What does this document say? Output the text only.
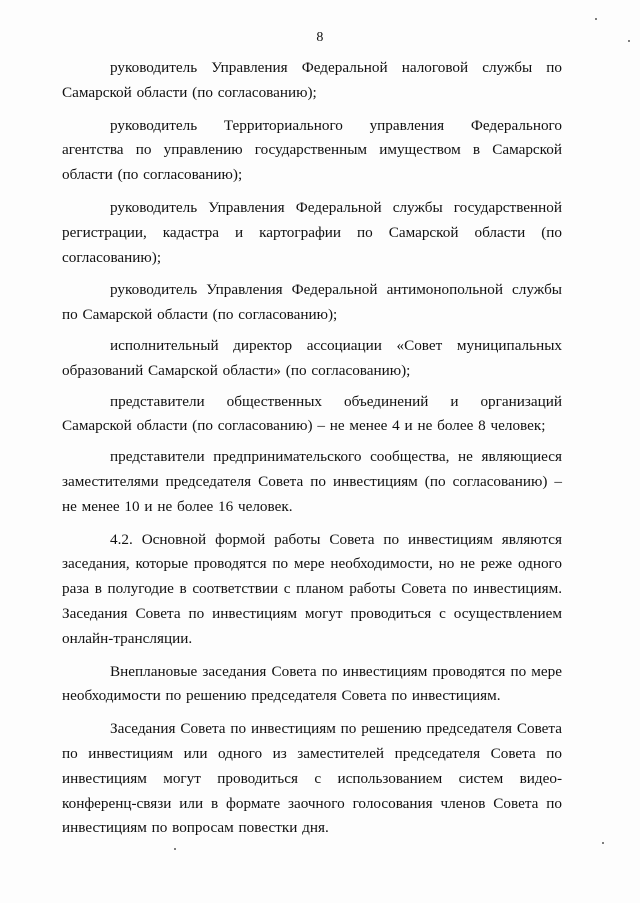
8

руководитель Управления Федеральной налоговой службы по Самарской области (по согласованию);

руководитель Территориального управления Федерального агентства по управлению государственным имуществом в Самарской области (по согласованию);

руководитель Управления Федеральной службы государственной регистрации, кадастра и картографии по Самарской области (по согласованию);

руководитель Управления Федеральной антимонопольной службы по Самарской области (по согласованию);

исполнительный директор ассоциации «Совет муниципальных образований Самарской области» (по согласованию);

представители общественных объединений и организаций Самарской области (по согласованию) – не менее 4 и не более 8 человек;

представители предпринимательского сообщества, не являющиеся заместителями председателя Совета по инвестициям (по согласованию) – не менее 10 и не более 16 человек.

4.2. Основной формой работы Совета по инвестициям являются заседания, которые проводятся по мере необходимости, но не реже одного раза в полугодие в соответствии с планом работы Совета по инвестициям. Заседания Совета по инвестициям могут проводиться с осуществлением онлайн-трансляции.

Внеплановые заседания Совета по инвестициям проводятся по мере необходимости по решению председателя Совета по инвестициям.

Заседания Совета по инвестициям по решению председателя Совета по инвестициям или одного из заместителей председателя Совета по инвестициям могут проводиться с использованием систем видео-конференц-связи или в формате заочного голосования членов Совета по инвестициям по вопросам повестки дня.
